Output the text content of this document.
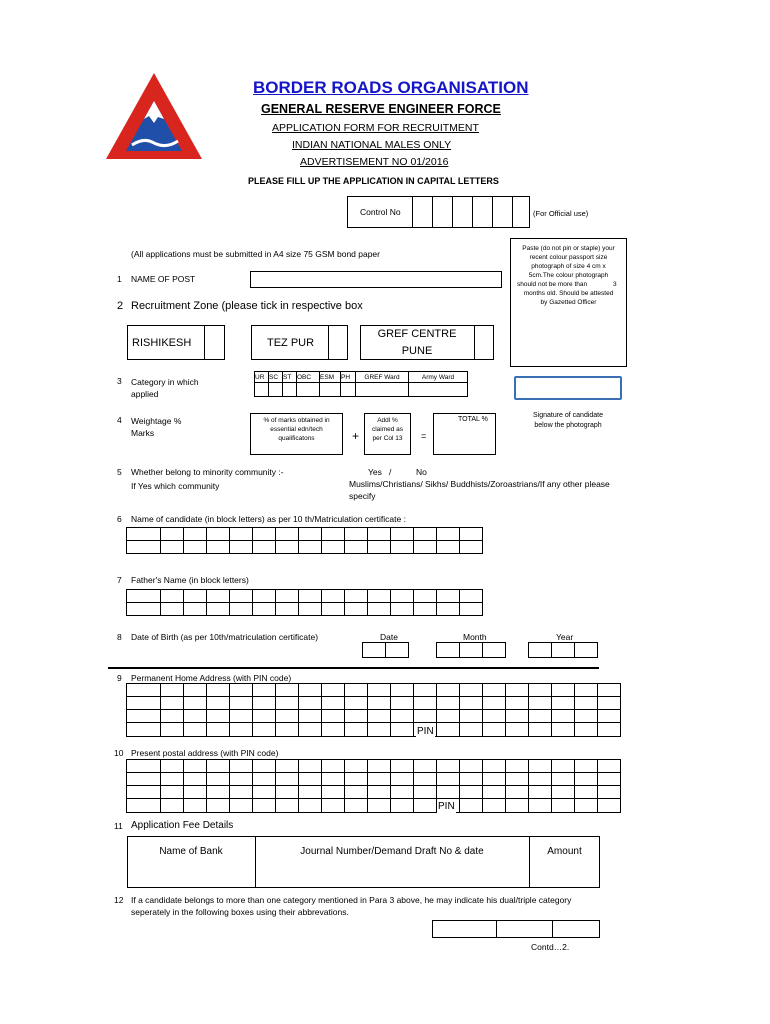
BORDER ROADS ORGANISATION
GENERAL RESERVE ENGINEER FORCE
APPLICATION FORM FOR RECRUITMENT
INDIAN NATIONAL MALES ONLY
ADVERTISEMENT NO 01/2016
PLEASE FILL UP THE APPLICATION IN CAPITAL LETTERS
Control No	(For Official use)
(All applications must be submitted in A4 size 75 GSM bond paper
Paste (do not pin or staple) your
recent colour passport size
photograph of size 4 cm x
5cm.The colour photograph
should not be more than	3
months old. Should be attested
by Gazetted Officer
Signature of candidate
below the photograph
1 NAME OF POST
2 Recruitment Zone (please tick in respective box
RISHIKESH	TEZ PUR
GREF CENTRE
PUNE
3 Category in which
applied
UR	SC	ST	OBC	ESM	PH	GREF Ward	Army Ward

4 Weightage %
Marks
% of marks obtained in
essential edn/tech
qualificatons	+
Addl %
claimed as
per Col 13	=
TOTAL %
5 Whether belong to minority community :-
If Yes which community
Yes /	No
Muslims/Christians/ Sikhs/ Buddhists/Zoroastrians/If any other please
specify
6 Name of candidate (in block letters) as per 10 th/Matriculation certificate :

7 Father's Name (in block letters)

8 Date of Birth (as per 10th/matriculation certificate)	Date	Month	Year

9 Permanent Home Address (with PIN code)

PIN
10 Present postal address (with PIN code)

PIN
11 Application Fee Details
Name of Bank	Journal Number/Demand Draft No & date	Amount
12 If a candidate belongs to more than one category mentioned in Para 3 above, he may indicate his dual/triple category
seperately in the following boxes using their abbrevations.

Contd…2.
